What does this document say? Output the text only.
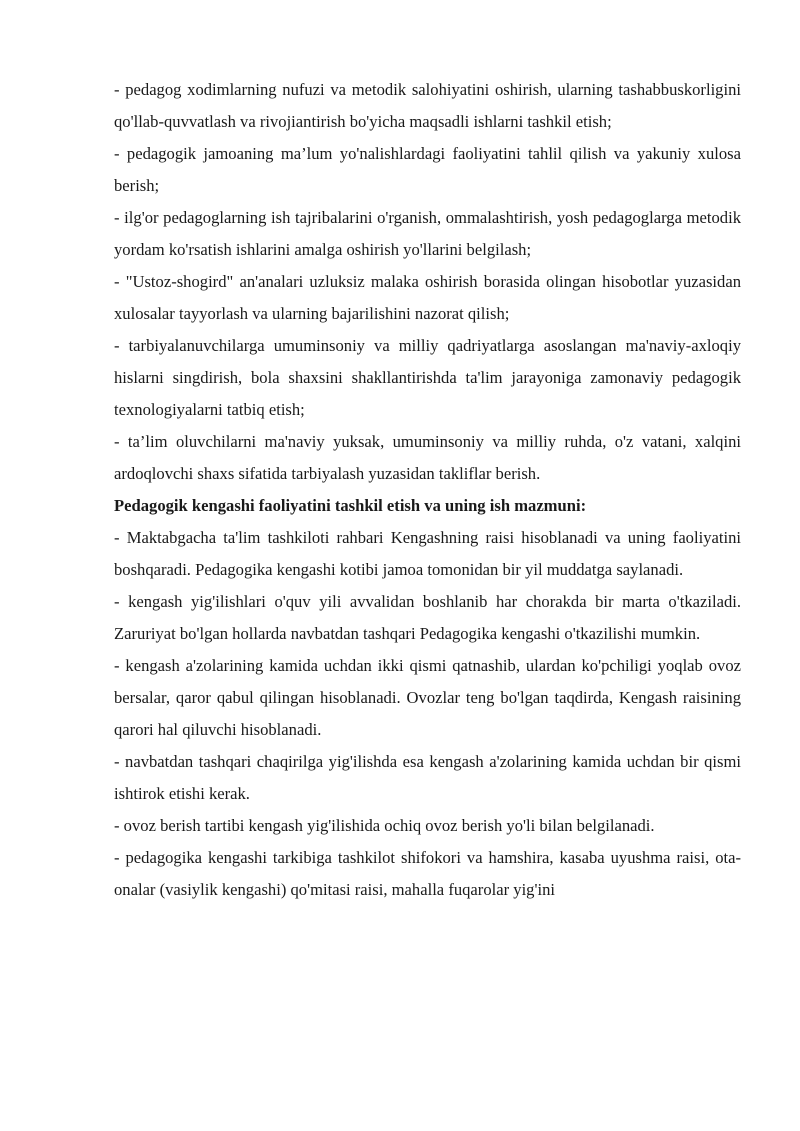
- pedagog xodimlarning nufuzi va metodik salohiyatini oshirish, ularning tashabbuskorligini qo'llab-quvvatlash va rivojiantirish bo'yicha maqsadli ishlarni tashkil etish;

- pedagogik jamoaning ma’lum yo'nalishlardagi faoliyatini tahlil qilish va yakuniy xulosa berish;

- ilg'or pedagoglarning ish tajribalarini o'rganish, ommalashtirish, yosh pedagoglarga metodik yordam ko'rsatish ishlarini amalga oshirish yo'llarini belgilash;

- "Ustoz-shogird" an'analari uzluksiz malaka oshirish borasida olingan hisobotlar yuzasidan xulosalar tayyorlash va ularning bajarilishini nazorat qilish;

- tarbiyalanuvchilarga umuminsoniy va milliy qadriyatlarga asoslangan ma'naviy-axloqiy hislarni singdirish, bola shaxsini shakllantirishda ta'lim jarayoniga zamonaviy pedagogik texnologiyalarni tatbiq etish;

- ta’lim oluvchilarni ma'naviy yuksak, umuminsoniy va milliy ruhda, o'z vatani, xalqini ardoqlovchi shaxs sifatida tarbiyalash yuzasidan takliflar berish.

Pedagogik kengashi faoliyatini tashkil etish va uning ish mazmuni:

- Maktabgacha ta'lim tashkiloti rahbari Kengashning raisi hisoblanadi va uning faoliyatini boshqaradi. Pedagogika kengashi kotibi jamoa tomonidan bir yil muddatga saylanadi.

- kengash yig'ilishlari o'quv yili avvalidan boshlanib har chorakda bir marta o'tkaziladi. Zaruriyat bo'lgan hollarda navbatdan tashqari Pedagogika kengashi o'tkazilishi mumkin.

- kengash a'zolarining kamida uchdan ikki qismi qatnashib, ulardan ko'pchiligi yoqlab ovoz bersalar, qaror qabul qilingan hisoblanadi. Ovozlar teng bo'lgan taqdirda, Kengash raisining qarori hal qiluvchi hisoblanadi.

- navbatdan tashqari chaqirilga yig'ilishda esa kengash a'zolarining kamida uchdan bir qismi ishtirok etishi kerak.

- ovoz berish tartibi kengash yig'ilishida ochiq ovoz berish yo'li bilan belgilanadi.

- pedagogika kengashi tarkibiga tashkilot shifokori va hamshira, kasaba uyushma raisi, ota-onalar (vasiylik kengashi) qo'mitasi raisi, mahalla fuqarolar yig'ini
